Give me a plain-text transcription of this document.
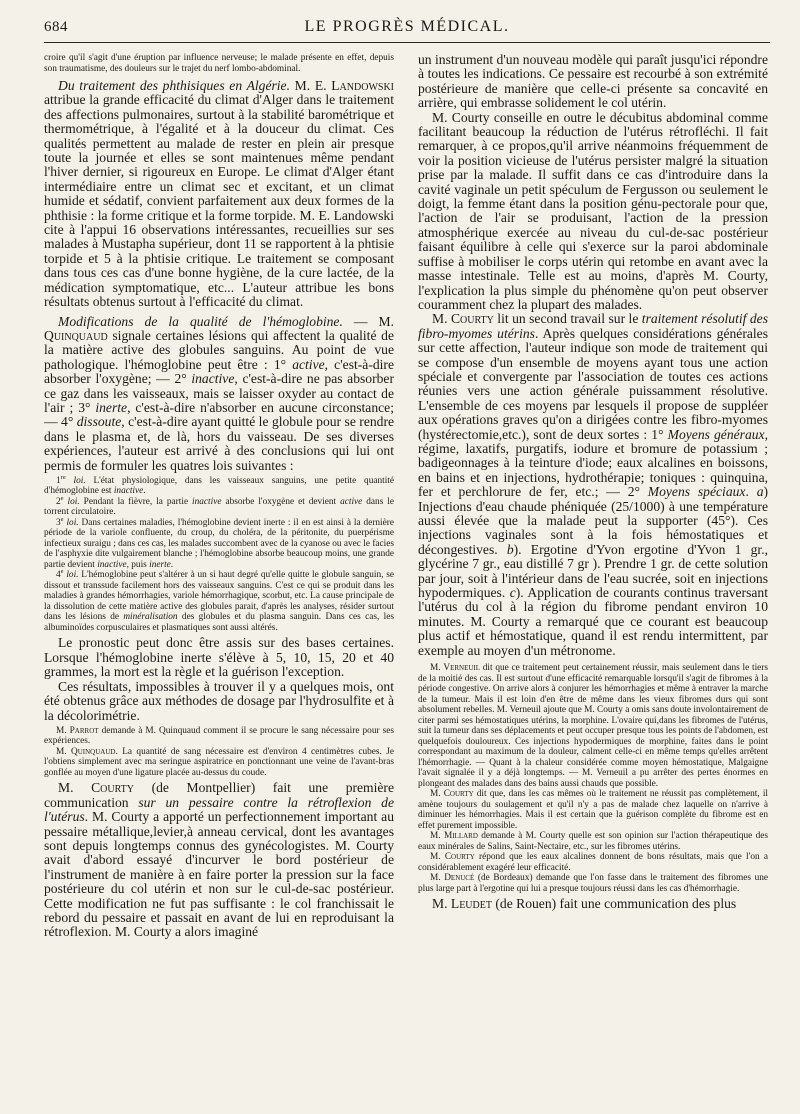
684	LE PROGRÈS MÉDICAL.

croire qu'il s'agit d'une éruption par influence nerveuse; le malade présente en effet, depuis son traumatisme, des douleurs sur le trajet du nerf lombo-abdominal.

Du traitement des phthisiques en Algérie. M. E. Landowski attribue la grande efficacité du climat d'Alger dans le traitement des affections pulmonaires, surtout à la stabilité barométrique et thermométrique, à l'égalité et à la douceur du climat. Ces qualités permettent au malade de rester en plein air presque toute la journée et elles se sont maintenues même pendant l'hiver dernier, si rigoureux en Europe. Le climat d'Alger étant intermédiaire entre un climat sec et excitant, et un climat humide et sédatif, convient parfaitement aux deux formes de la phthisie : la forme critique et la forme torpide. M. E. Landowski cite à l'appui 16 observations intéressantes, recueillies sur ses malades à Mustapha supérieur, dont 11 se rapportent à la phtisie torpide et 5 à la phtisie critique. Le traitement se composant dans tous ces cas d'une bonne hygiène, de la cure lactée, de la médication symptomatique, etc... L'auteur attribue les bons résultats obtenus surtout à l'efficacité du climat.

Modifications de la qualité de l'hémoglobine. — M. Quinquaud signale certaines lésions qui affectent la qualité de la matière active des globules sanguins. Au point de vue pathologique. l'hémoglobine peut être : 1° active, c'est-à-dire absorber l'oxygène; — 2° inactive, c'est-à-dire ne pas absorber ce gaz dans les vaisseaux, mais se laisser oxyder au contact de l'air ; 3° inerte, c'est-à-dire n'absorber en aucune circonstance; — 4° dissoute, c'est-à-dire ayant quitté le globule pour se rendre dans le plasma et, de là, hors du vaisseau. De ses diverses expériences, l'auteur est arrivé à des conclusions qui lui ont permis de formuler les quatres lois suivantes :

1re loi. L'état physiologique, dans les vaisseaux sanguins, une petite quantité d'hémoglobine est inactive.

2e loi. Pendant la fièvre, la partie inactive absorbe l'oxygène et devient active dans le torrent circulatoire.

3e loi. Dans certaines maladies, l'hémoglobine devient inerte : il en est ainsi à la dernière période de la variole confluente, du croup, du choléra, de la péritonite, du puerpérisme infectieux suraigu ; dans ces cas, les malades succombent avec de la cyanose ou avec le facies de l'asphyxie dite vulgairement blanche ; l'hémoglobine absorbe beaucoup moins, une grande partie devient inactive, puis inerte.

4e loi. L'hémoglobine peut s'altérer à un si haut degré qu'elle quitte le globule sanguin, se dissout et transsude facilement hors des vaisseaux sanguins. C'est ce qui se produit dans les maladies à grandes hémorrhagies, variole hémorrhagique, scorbut, etc. La cause principale de la dissolution de cette matière active des globules parait, d'après les analyses, résider surtout dans les lésions de minéralisation des globules et du plasma sanguin. Dans ces cas, les albuminoïdes corpusculaires et plasmatiques sont aussi altérés.

Le pronostic peut donc être assis sur des bases certaines. Lorsque l'hémoglobine inerte s'élève à 5, 10, 15, 20 et 40 grammes, la mort est la règle et la guérison l'exception.

Ces résultats, impossibles à trouver il y a quelques mois, ont été obtenus grâce aux méthodes de dosage par l'hydrosulfite et à la décolorimétrie.

M. Parrot demande à M. Quinquaud comment il se procure le sang nécessaire pour ses expériences.

M. Quinquaud. La quantité de sang nécessaire est d'environ 4 centimètres cubes. Je l'obtiens simplement avec ma seringue aspiratrice en ponctionnant une veine de l'avant-bras gonflée au moyen d'une ligature placée au-dessus du coude.

M. Courty (de Montpellier) fait une première communication sur un pessaire contre la rétroflexion de l'utérus. M. Courty a apporté un perfectionnement important au pessaire métallique,levier,à anneau cervical, dont les avantages sont depuis longtemps connus des gynécologistes. M. Courty avait d'abord essayé d'incurver le bord postérieur de l'instrument de manière à en faire porter la pression sur la face postérieure du col utérin et non sur le cul-de-sac postérieur. Cette modification ne fut pas suffisante : le col franchissait le rebord du pessaire et passait en avant de lui en reproduisant la rétroflexion. M. Courty a alors imaginé

un instrument d'un nouveau modèle qui paraît jusqu'ici répondre à toutes les indications. Ce pessaire est recourbé à son extrémité postérieure de manière que celle-ci présente sa concavité en arrière, qui embrasse solidement le col utérin.

M. Courty conseille en outre le décubitus abdominal comme facilitant beaucoup la réduction de l'utérus rétrofléchi. Il fait remarquer, à ce propos,qu'il arrive néanmoins fréquemment de voir la position vicieuse de l'utérus persister malgré la situation prise par la malade. Il suffit dans ce cas d'introduire dans la cavité vaginale un petit spéculum de Fergusson ou seulement le doigt, la femme étant dans la position génu-pectorale pour que, l'action de l'air se produisant, l'action de la pression atmosphérique exercée au niveau du cul-de-sac postérieur faisant équilibre à celle qui s'exerce sur la paroi abdominale suffise à mobiliser le corps utérin qui retombe en avant avec la masse intestinale. Telle est au moins, d'après M. Courty, l'explication la plus simple du phénomène qu'on peut observer couramment chez la plupart des malades.

M. Courty lit un second travail sur le traitement résolutif des fibro-myomes utérins. Après quelques considérations générales sur cette affection, l'auteur indique son mode de traitement qui se compose d'un ensemble de moyens ayant tous une action spéciale et convergente par l'association de toutes ces actions réunies vers une action générale puissamment résolutive. L'ensemble de ces moyens par lesquels il propose de suppléer aux opérations graves qu'on a dirigées contre les fibro-myomes (hystérectomie,etc.), sont de deux sortes : 1° Moyens généraux, régime, laxatifs, purgatifs, iodure et bromure de potassium ; badigeonnages à la teinture d'iode; eaux alcalines en boissons, en bains et en injections, hydrothérapie; toniques : quinquina, fer et perchlorure de fer, etc.; — 2° Moyens spéciaux. a) Injections d'eau chaude phéniquée (25/1000) à une température aussi élevée que la malade peut la supporter (45°). Ces injections vaginales sont à la fois hémostatiques et décongestives. b). Ergotine d'Yvon ergotine d'Yvon 1 gr., glycérine 7 gr., eau distillé 7 gr ). Prendre 1 gr. de cette solution par jour, soit à l'intérieur dans de l'eau sucrée, soit en injections hypodermiques. c). Application de courants continus traversant l'utérus du col à la région du fibrome pendant environ 10 minutes. M. Courty a remarqué que ce courant est beaucoup plus actif et hémostatique, quand il est rendu intermittent, par exemple au moyen d'un métronome.

M. Verneuil dit que ce traitement peut certainement réussir, mais seulement dans le tiers de la moitié des cas. Il est surtout d'une efficacité remarquable lorsqu'il s'agit de fibromes à la période congestive. On arrive alors à conjurer les hémorrhagies et même à entraver la marche de la tumeur. Mais il est loin d'en être de même dans les vieux fibromes durs qui sont absolument rebelles. M. Verneuil ajoute que M. Courty a omis sans doute involontairement de citer parmi ses hémostatiques utérins, la morphine. L'ovaire qui,dans les fibromes de l'utérus, suit la tumeur dans ses déplacements et peut occuper presque tous les points de l'abdomen, est quelquefois douloureux. Ces injections hypodermiques de morphine, faites dans le point correspondant au maximum de la douleur, calment celle-ci en même temps qu'elles arrêtent l'hémorrhagie. — Quant à la chaleur considérée comme moyen hémostatique, Malgaigne l'avait signalée il y a déjà longtemps. — M. Verneuil a pu arrêter des pertes énormes en plongeant des malades dans des bains aussi chauds que possible.

M. Courty dit que, dans les cas mêmes où le traitement ne réussit pas complètement, il amène toujours du soulagement et qu'il n'y a pas de malade chez laquelle on n'arrive à diminuer les hémorrhagies. Mais il est certain que la guérison complète du fibrome est en effet purement impossible.

M. Millard demande à M. Courty quelle est son opinion sur l'action thérapeutique des eaux minérales de Salins, Saint-Nectaire, etc., sur les fibromes utérins.

M. Courty répond que les eaux alcalines donnent de bons résultats, mais que l'on a considérablement exagéré leur efficacité.

M. Denucé (de Bordeaux) demande que l'on fasse dans le traitement des fibromes une plus large part à l'ergotine qui lui a presque toujours réussi dans les cas d'hémorrhagie.

M. Leudet (de Rouen) fait une communication des plus
